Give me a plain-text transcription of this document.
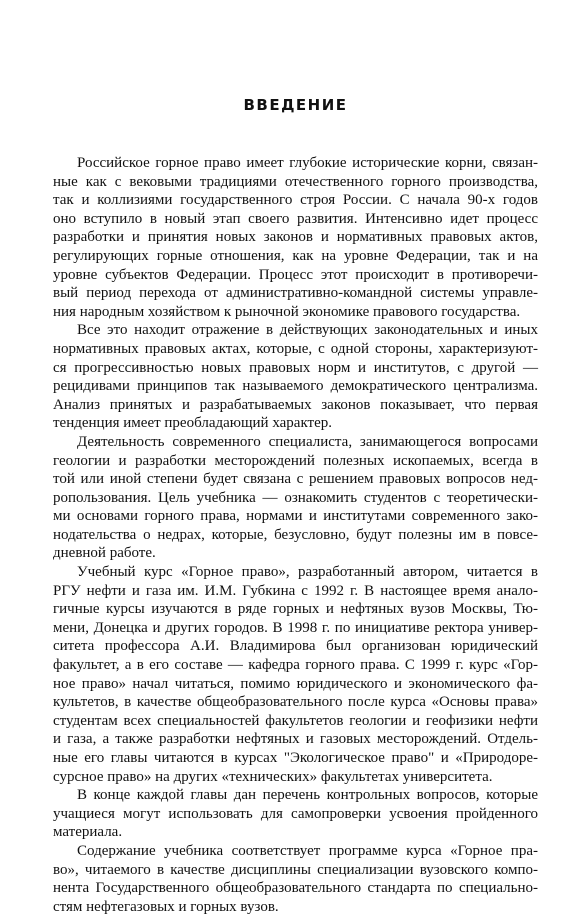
ВВЕДЕНИЕ

Российское горное право имеет глубокие исторические корни, связан-
ные как с вековыми традициями отечественного горного производства,
так и коллизиями государственного строя России. С начала 90-х годов
оно вступило в новый этап своего развития. Интенсивно идет процесс
разработки и принятия новых законов и нормативных правовых актов,
регулирующих горные отношения, как на уровне Федерации, так и на
уровне субъектов Федерации. Процесс этот происходит в противоречи-
вый период перехода от административно-командной системы управле-
ния народным хозяйством к рыночной экономике правового государства.

Все это находит отражение в действующих законодательных и иных
нормативных правовых актах, которые, с одной стороны, характеризуют-
ся прогрессивностью новых правовых норм и институтов, с другой —
рецидивами принципов так называемого демократического централизма.
Анализ принятых и разрабатываемых законов показывает, что первая
тенденция имеет преобладающий характер.

Деятельность современного специалиста, занимающегося вопросами
геологии и разработки месторождений полезных ископаемых, всегда в
той или иной степени будет связана с решением правовых вопросов нед-
ропользования. Цель учебника — ознакомить студентов с теоретически-
ми основами горного права, нормами и институтами современного зако-
нодательства о недрах, которые, безусловно, будут полезны им в повсе-
дневной работе.

Учебный курс «Горное право», разработанный автором, читается в
РГУ нефти и газа им. И.М. Губкина с 1992 г. В настоящее время анало-
гичные курсы изучаются в ряде горных и нефтяных вузов Москвы, Тю-
мени, Донецка и других городов. В 1998 г. по инициативе ректора универ-
ситета профессора А.И. Владимирова был организован юридический
факультет, а в его составе — кафедра горного права. С 1999 г. курс «Гор-
ное право» начал читаться, помимо юридического и экономического фа-
культетов, в качестве общеобразовательного после курса «Основы права»
студентам всех специальностей факультетов геологии и геофизики нефти
и газа, а также разработки нефтяных и газовых месторождений. Отдель-
ные его главы читаются в курсах "Экологическое право" и «Природоре-
сурсное право» на других «технических» факультетах университета.

В конце каждой главы дан перечень контрольных вопросов, которые
учащиеся могут использовать для самопроверки усвоения пройденного
материала.

Содержание учебника соответствует программе курса «Горное пра-
во», читаемого в качестве дисциплины специализации вузовского компо-
нента Государственного общеобразовательного стандарта по специально-
стям нефтегазовых и горных вузов.
